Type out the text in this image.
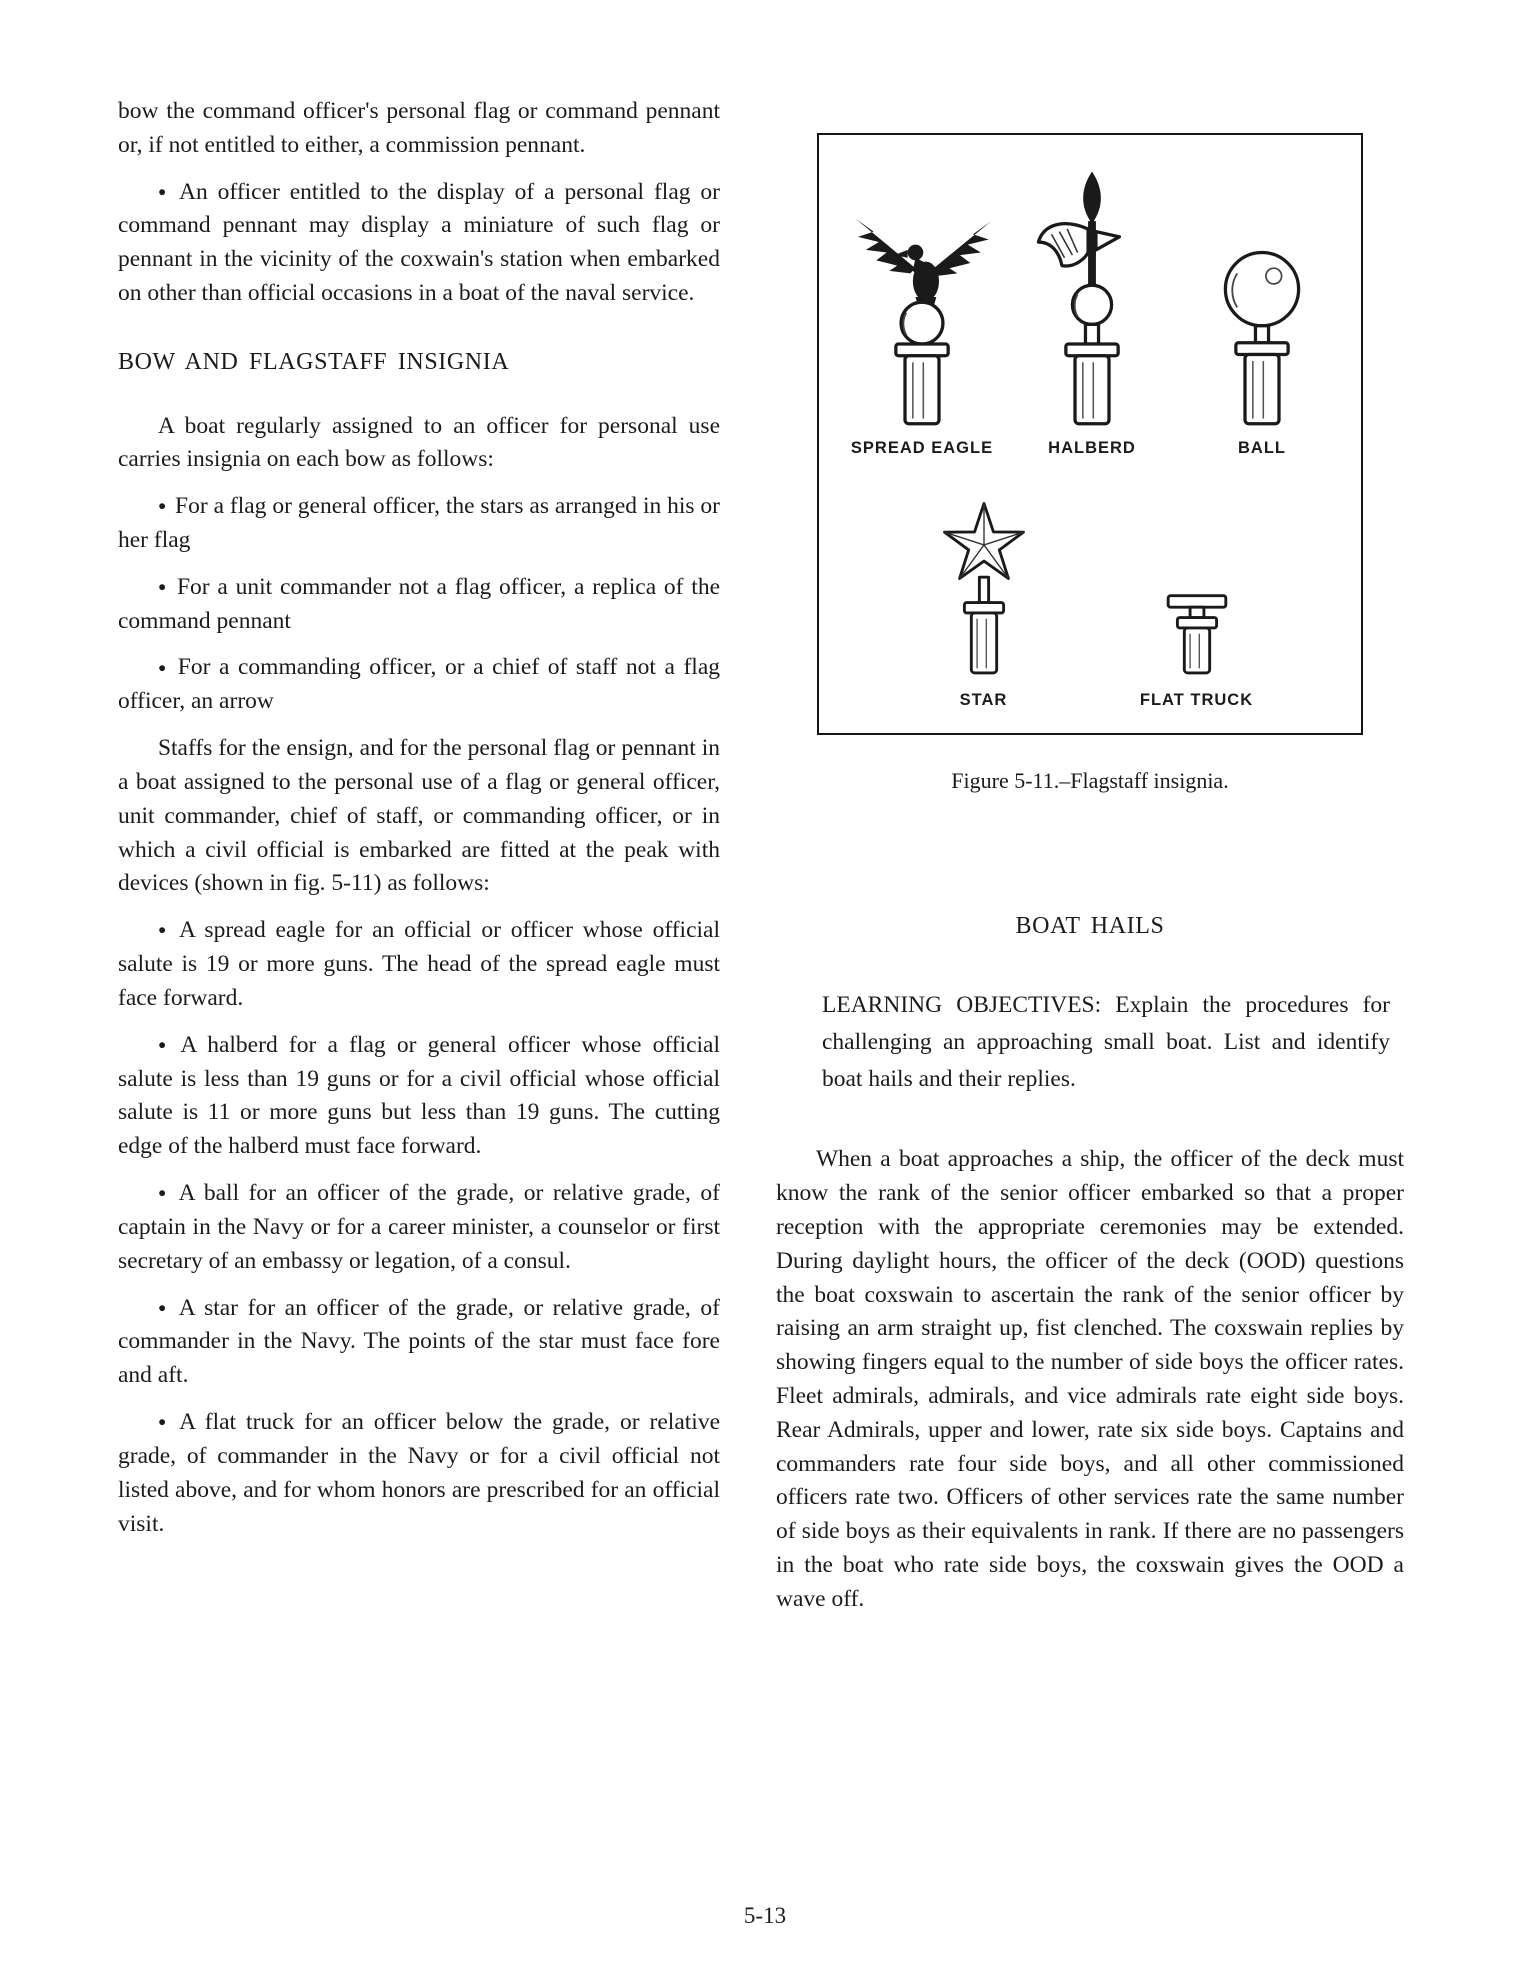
bow the command officer's personal flag or command pennant or, if not entitled to either, a commission pennant.

● An officer entitled to the display of a personal flag or command pennant may display a miniature of such flag or pennant in the vicinity of the coxwain's station when embarked on other than official occasions in a boat of the naval service.

BOW AND FLAGSTAFF INSIGNIA

A boat regularly assigned to an officer for personal use carries insignia on each bow as follows:

● For a flag or general officer, the stars as arranged in his or her flag

● For a unit commander not a flag officer, a replica of the command pennant

● For a commanding officer, or a chief of staff not a flag officer, an arrow

Staffs for the ensign, and for the personal flag or pennant in a boat assigned to the personal use of a flag or general officer, unit commander, chief of staff, or commanding officer, or in which a civil official is embarked are fitted at the peak with devices (shown in fig. 5-11) as follows:

● A spread eagle for an official or officer whose official salute is 19 or more guns. The head of the spread eagle must face forward.

● A halberd for a flag or general officer whose official salute is less than 19 guns or for a civil official whose official salute is 11 or more guns but less than 19 guns. The cutting edge of the halberd must face forward.

● A ball for an officer of the grade, or relative grade, of captain in the Navy or for a career minister, a counselor or first secretary of an embassy or legation, of a consul.

● A star for an officer of the grade, or relative grade, of commander in the Navy. The points of the star must face fore and aft.

● A flat truck for an officer below the grade, or relative grade, of commander in the Navy or for a civil official not listed above, and for whom honors are prescribed for an official visit.

SPREAD EAGLE	HALBERD	BALL
STAR	FLAT TRUCK
Figure 5-11.–Flagstaff insignia.
BOAT HAILS

LEARNING OBJECTIVES: Explain the procedures for challenging an approaching small boat. List and identify boat hails and their replies.

When a boat approaches a ship, the officer of the deck must know the rank of the senior officer embarked so that a proper reception with the appropriate ceremonies may be extended. During daylight hours, the officer of the deck (OOD) questions the boat coxswain to ascertain the rank of the senior officer by raising an arm straight up, fist clenched. The coxswain replies by showing fingers equal to the number of side boys the officer rates. Fleet admirals, admirals, and vice admirals rate eight side boys. Rear Admirals, upper and lower, rate six side boys. Captains and commanders rate four side boys, and all other commissioned officers rate two. Officers of other services rate the same number of side boys as their equivalents in rank. If there are no passengers in the boat who rate side boys, the coxswain gives the OOD a wave off.

5-13
